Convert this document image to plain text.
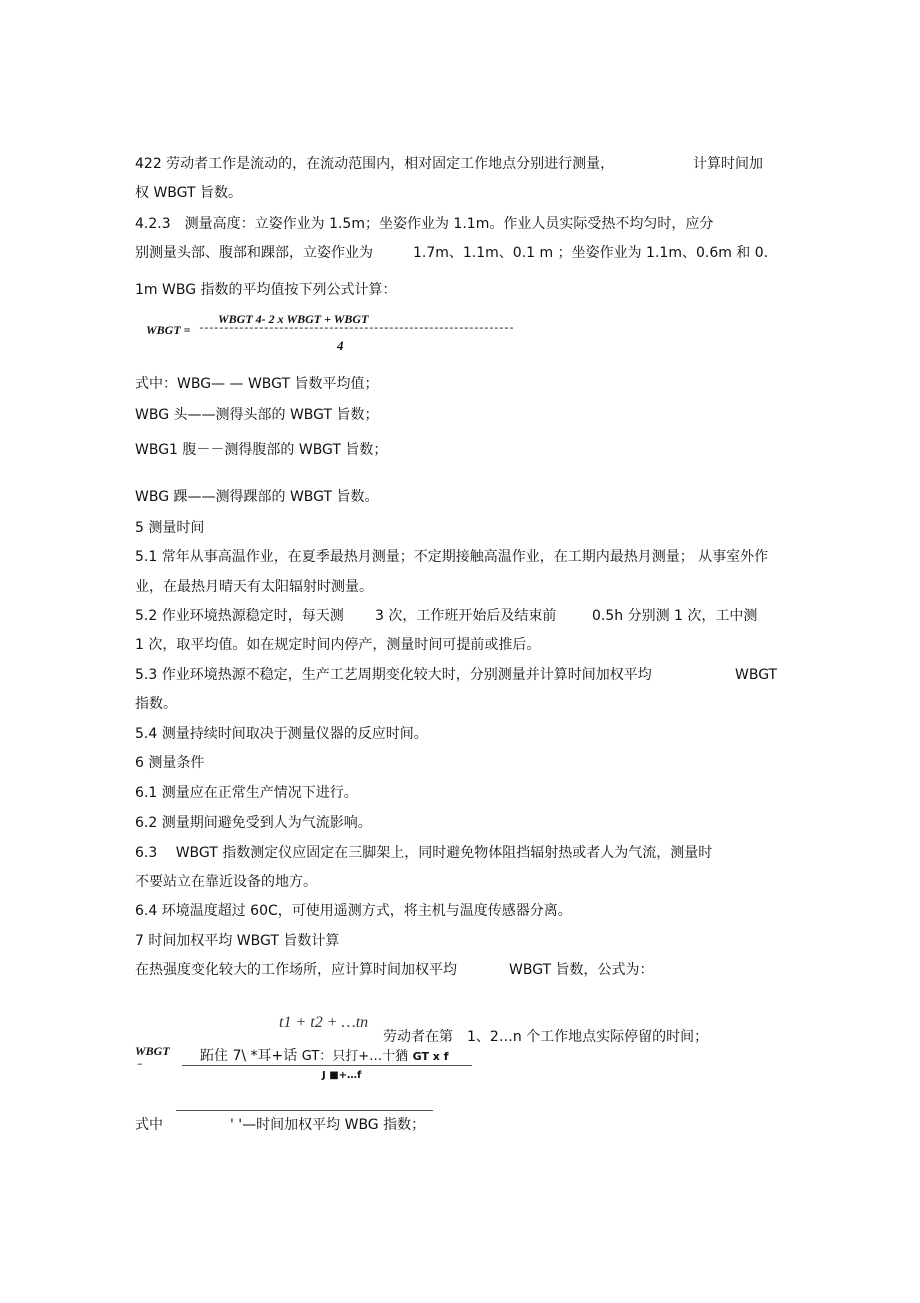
422 劳动者工作是流动的，在流动范围内，相对固定工作地点分别进行测量，	计算时间加
权 WBGT 旨数。
4.2.3　测量高度：立姿作业为 1.5m；坐姿作业为 1.1m。作业人员实际受热不均匀时，应分
别测量头部、腹部和踝部，立姿作业为	1.7m、1.1m、0.1 m ；坐姿作业为 1.1m、0.6m 和 0.
1m WBG 指数的平均值按下列公式计算：
WBGT =
WBGT 4- 2 x WBGT + WBGT
---------------------------------------------------------------
4
式中：WBG— — WBGT 旨数平均值；
WBG 头——测得头部的 WBGT 旨数；
WBG1 腹－－测得腹部的 WBGT 旨数；
WBG 踝——测得踝部的 WBGT 旨数。
5 测量时间
5.1 常年从事高温作业，在夏季最热月测量；不定期接触高温作业，在工期内最热月测量； 从事室外作
业，在最热月晴天有太阳辐射时测量。
5.2 作业环境热源稳定时，每天测 3 次，工作班开始后及结束前	0.5h 分别测 1 次，工中测
1 次，取平均值。如在规定时间内停产，测量时间可提前或推后。
5.3 作业环境热源不稳定，生产工艺周期变化较大时，分别测量并计算时间加权平均	WBGT
指数。
5.4 测量持续时间取决于测量仪器的反应时间。
6 测量条件
6.1 测量应在正常生产情况下进行。
6.2 测量期间避免受到人为气流影响。
6.3　 WBGT 指数测定仪应固定在三脚架上，同时避免物体阻挡辐射热或者人为气流，测量时
不要站立在靠近设备的地方。
6.4 环境温度超过 60C，可使用遥测方式，将主机与温度传感器分离。
7 时间加权平均 WBGT 旨数计算
在热强度变化较大的工作场所，应计算时间加权平均	WBGT 旨数，公式为：
t1 + t2 + …tn
劳动者在第　1、2…n 个工作地点实际停留的时间；
WBGT
–	跖住 7\ *耳+话 GT：只打+…十猶 GT x f
J ■+…f
式中	' '—时间加权平均 WBG 指数；
